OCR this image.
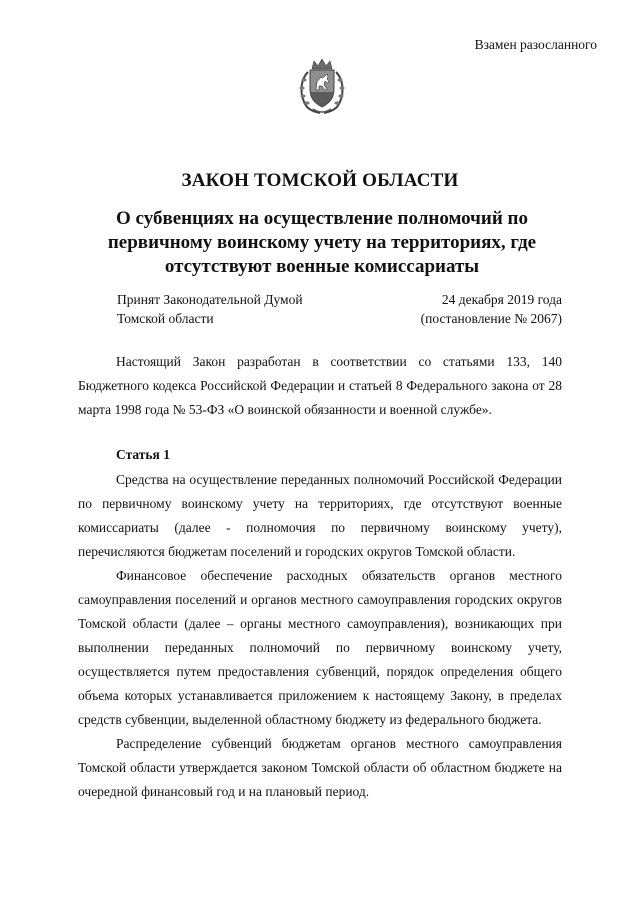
Взамен разосланного
ЗАКОН ТОМСКОЙ ОБЛАСТИ
О субвенциях на осуществление полномочий по
первичному воинскому учету на территориях, где
отсутствуют военные комиссариаты
Принят Законодательной Думой
Томской области
24 декабря 2019 года
(постановление № 2067)

Настоящий Закон разработан в соответствии со статьями 133, 140 Бюджетного кодекса Российской Федерации и статьей 8 Федерального закона от 28 марта 1998 года № 53-ФЗ «О воинской обязанности и военной службе».

Статья 1

Средства на осуществление переданных полномочий Российской Федерации по первичному воинскому учету на территориях, где отсутствуют военные комиссариаты (далее - полномочия по первичному воинскому учету), перечисляются бюджетам поселений и городских округов Томской области.

Финансовое обеспечение расходных обязательств органов местного самоуправления поселений и органов местного самоуправления городских округов Томской области (далее – органы местного самоуправления), возникающих при выполнении переданных полномочий по первичному воинскому учету, осуществляется путем предоставления субвенций, порядок определения общего объема которых устанавливается приложением к настоящему Закону, в пределах средств субвенции, выделенной областному бюджету из федерального бюджета.

Распределение субвенций бюджетам органов местного самоуправления Томской области утверждается законом Томской области об областном бюджете на очередной финансовый год и на плановый период.
